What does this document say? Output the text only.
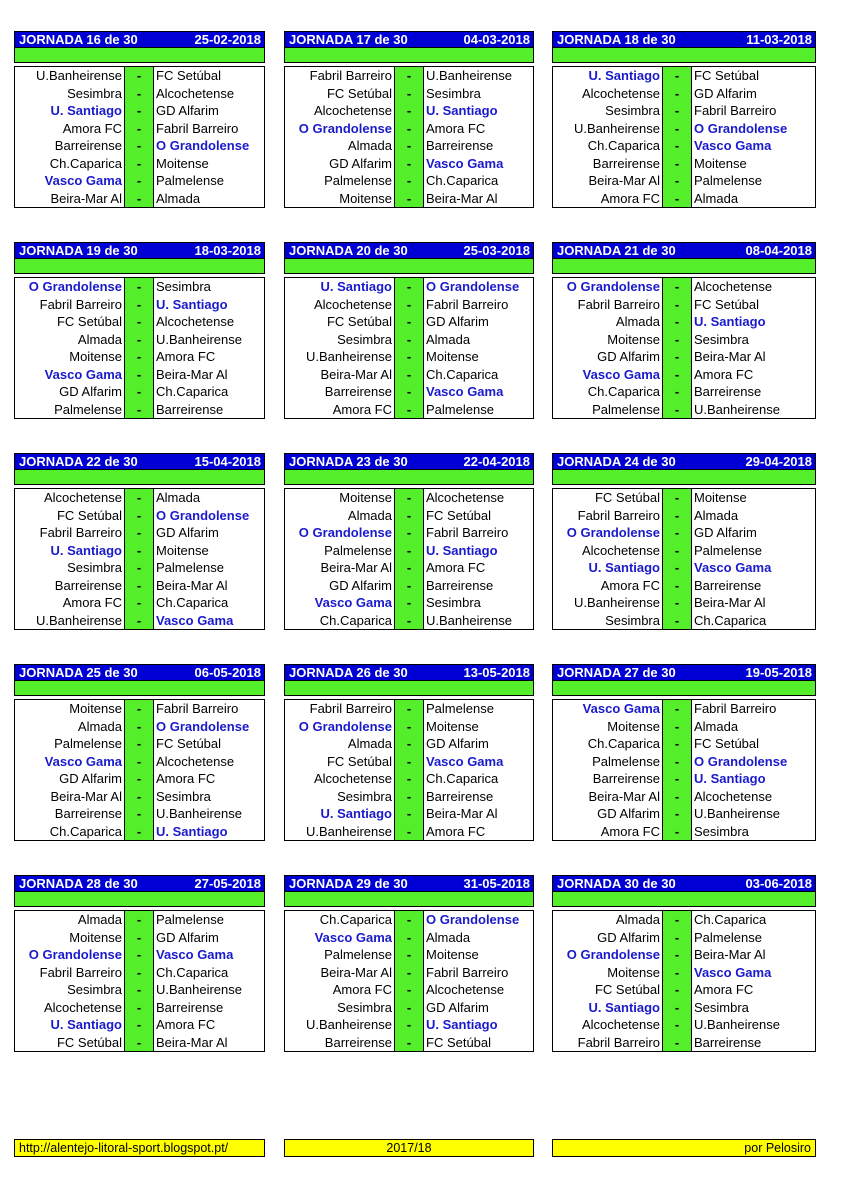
JORNADA 16 de 30	25-02-2018
U.Banheirense	-	FC Setúbal
Sesimbra	-	Alcochetense
U. Santiago	-	GD Alfarim
Amora FC	-	Fabril Barreiro
Barreirense	-	O Grandolense
Ch.Caparica	-	Moitense
Vasco Gama	-	Palmelense
Beira-Mar Al	-	Almada
JORNADA 17 de 30	04-03-2018
Fabril Barreiro	-	U.Banheirense
FC Setúbal	-	Sesimbra
Alcochetense	-	U. Santiago
O Grandolense	-	Amora FC
Almada	-	Barreirense
GD Alfarim	-	Vasco Gama
Palmelense	-	Ch.Caparica
Moitense	-	Beira-Mar Al
JORNADA 18 de 30	11-03-2018
U. Santiago	-	FC Setúbal
Alcochetense	-	GD Alfarim
Sesimbra	-	Fabril Barreiro
U.Banheirense	-	O Grandolense
Ch.Caparica	-	Vasco Gama
Barreirense	-	Moitense
Beira-Mar Al	-	Palmelense
Amora FC	-	Almada
JORNADA 19 de 30	18-03-2018
O Grandolense	-	Sesimbra
Fabril Barreiro	-	U. Santiago
FC Setúbal	-	Alcochetense
Almada	-	U.Banheirense
Moitense	-	Amora FC
Vasco Gama	-	Beira-Mar Al
GD Alfarim	-	Ch.Caparica
Palmelense	-	Barreirense
JORNADA 20 de 30	25-03-2018
U. Santiago	-	O Grandolense
Alcochetense	-	Fabril Barreiro
FC Setúbal	-	GD Alfarim
Sesimbra	-	Almada
U.Banheirense	-	Moitense
Beira-Mar Al	-	Ch.Caparica
Barreirense	-	Vasco Gama
Amora FC	-	Palmelense
JORNADA 21 de 30	08-04-2018
O Grandolense	-	Alcochetense
Fabril Barreiro	-	FC Setúbal
Almada	-	U. Santiago
Moitense	-	Sesimbra
GD Alfarim	-	Beira-Mar Al
Vasco Gama	-	Amora FC
Ch.Caparica	-	Barreirense
Palmelense	-	U.Banheirense
JORNADA 22 de 30	15-04-2018
Alcochetense	-	Almada
FC Setúbal	-	O Grandolense
Fabril Barreiro	-	GD Alfarim
U. Santiago	-	Moitense
Sesimbra	-	Palmelense
Barreirense	-	Beira-Mar Al
Amora FC	-	Ch.Caparica
U.Banheirense	-	Vasco Gama
JORNADA 23 de 30	22-04-2018
Moitense	-	Alcochetense
Almada	-	FC Setúbal
O Grandolense	-	Fabril Barreiro
Palmelense	-	U. Santiago
Beira-Mar Al	-	Amora FC
GD Alfarim	-	Barreirense
Vasco Gama	-	Sesimbra
Ch.Caparica	-	U.Banheirense
JORNADA 24 de 30	29-04-2018
FC Setúbal	-	Moitense
Fabril Barreiro	-	Almada
O Grandolense	-	GD Alfarim
Alcochetense	-	Palmelense
U. Santiago	-	Vasco Gama
Amora FC	-	Barreirense
U.Banheirense	-	Beira-Mar Al
Sesimbra	-	Ch.Caparica
JORNADA 25 de 30	06-05-2018
Moitense	-	Fabril Barreiro
Almada	-	O Grandolense
Palmelense	-	FC Setúbal
Vasco Gama	-	Alcochetense
GD Alfarim	-	Amora FC
Beira-Mar Al	-	Sesimbra
Barreirense	-	U.Banheirense
Ch.Caparica	-	U. Santiago
JORNADA 26 de 30	13-05-2018
Fabril Barreiro	-	Palmelense
O Grandolense	-	Moitense
Almada	-	GD Alfarim
FC Setúbal	-	Vasco Gama
Alcochetense	-	Ch.Caparica
Sesimbra	-	Barreirense
U. Santiago	-	Beira-Mar Al
U.Banheirense	-	Amora FC
JORNADA 27 de 30	19-05-2018
Vasco Gama	-	Fabril Barreiro
Moitense	-	Almada
Ch.Caparica	-	FC Setúbal
Palmelense	-	O Grandolense
Barreirense	-	U. Santiago
Beira-Mar Al	-	Alcochetense
GD Alfarim	-	U.Banheirense
Amora FC	-	Sesimbra
JORNADA 28 de 30	27-05-2018
Almada	-	Palmelense
Moitense	-	GD Alfarim
O Grandolense	-	Vasco Gama
Fabril Barreiro	-	Ch.Caparica
Sesimbra	-	U.Banheirense
Alcochetense	-	Barreirense
U. Santiago	-	Amora FC
FC Setúbal	-	Beira-Mar Al
JORNADA 29 de 30	31-05-2018
Ch.Caparica	-	O Grandolense
Vasco Gama	-	Almada
Palmelense	-	Moitense
Beira-Mar Al	-	Fabril Barreiro
Amora FC	-	Alcochetense
Sesimbra	-	GD Alfarim
U.Banheirense	-	U. Santiago
Barreirense	-	FC Setúbal
JORNADA 30 de 30	03-06-2018
Almada	-	Ch.Caparica
GD Alfarim	-	Palmelense
O Grandolense	-	Beira-Mar Al
Moitense	-	Vasco Gama
FC Setúbal	-	Amora FC
U. Santiago	-	Sesimbra
Alcochetense	-	U.Banheirense
Fabril Barreiro	-	Barreirense
http://alentejo-litoral-sport.blogspot.pt/	2017/18	por Pelosiro
